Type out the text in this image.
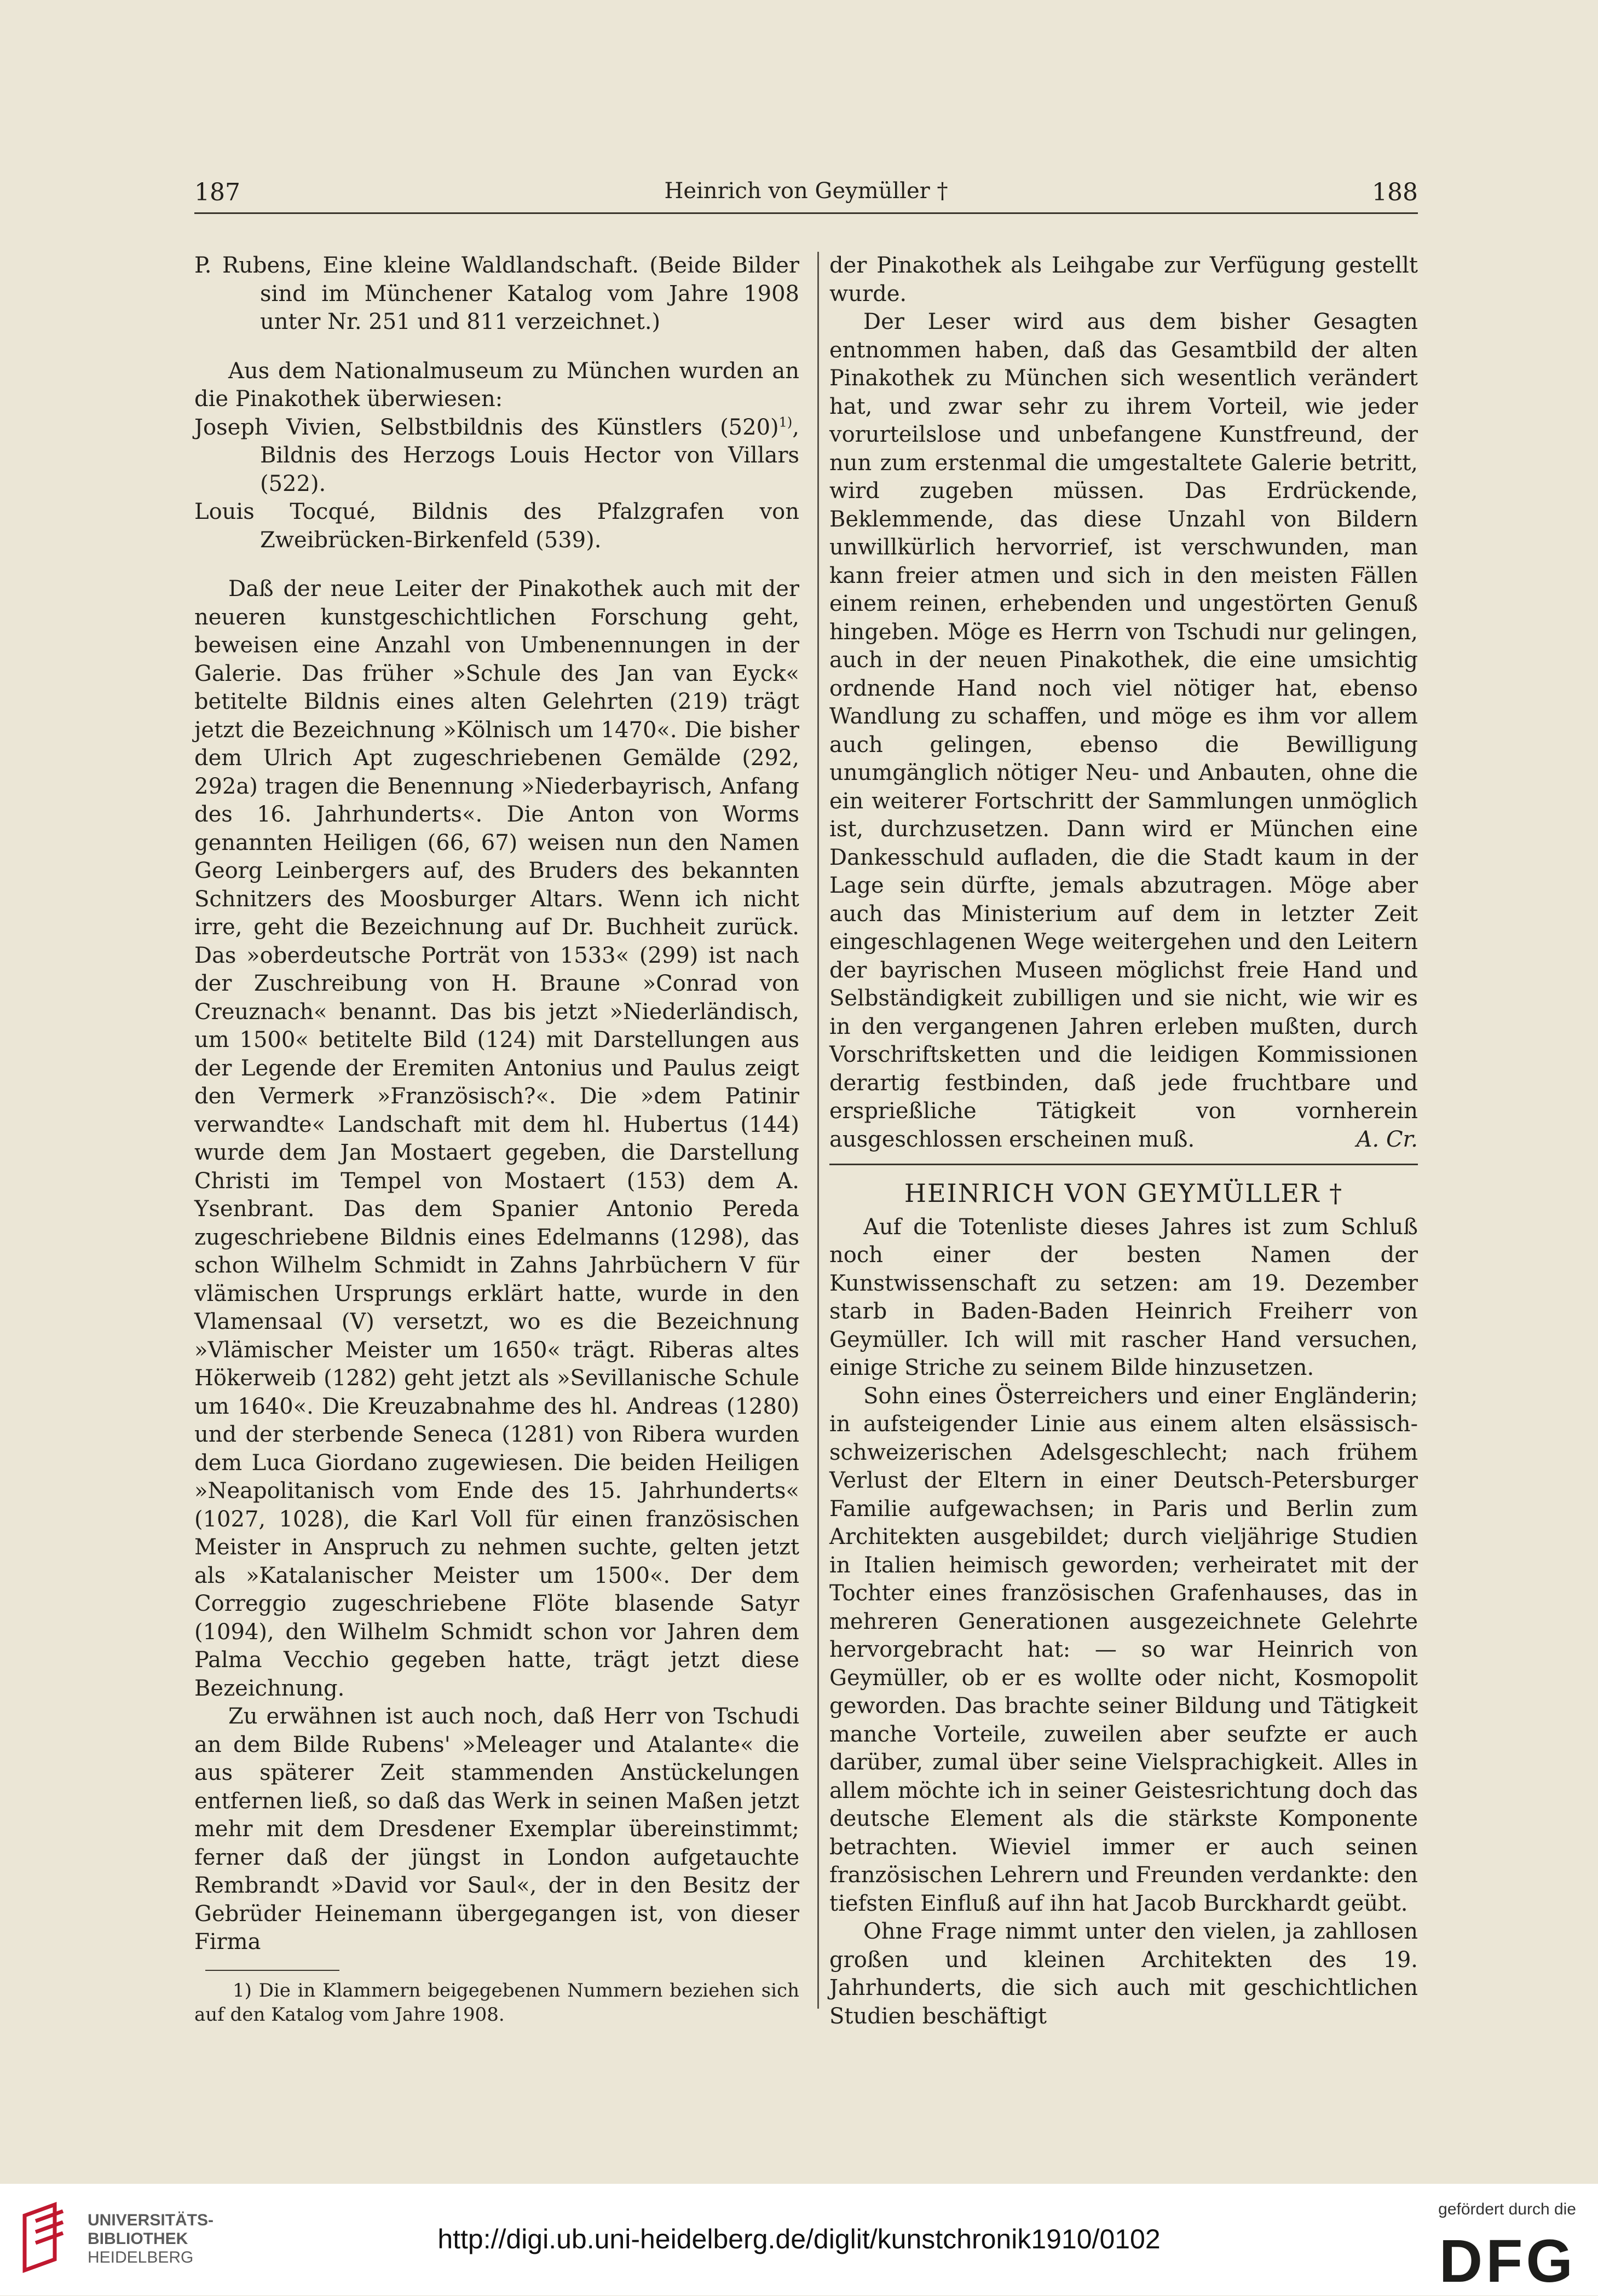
187	Heinrich von Geymüller †	188

P. Rubens, Eine kleine Waldlandschaft. (Beide Bilder sind im Münchener Katalog vom Jahre 1908 unter Nr. 251 und 811 verzeichnet.)

Aus dem Nationalmuseum zu München wurden an die Pinakothek überwiesen:

Joseph Vivien, Selbstbildnis des Künstlers $(520)^{1)}$, Bildnis des Herzogs Louis Hector von Villars (522).

Louis Tocqué, Bildnis des Pfalzgrafen von Zweibrücken-Birkenfeld (539).

Daß der neue Leiter der Pinakothek auch mit der neueren kunstgeschichtlichen Forschung geht, beweisen eine Anzahl von Umbenennungen in der Galerie. Das früher »Schule des Jan van Eyck« betitelte Bildnis eines alten Gelehrten (219) trägt jetzt die Bezeichnung »Kölnisch um 1470«. Die bisher dem Ulrich Apt zugeschriebenen Gemälde (292, 292a) tragen die Benennung »Niederbayrisch, Anfang des 16. Jahrhunderts«. Die Anton von Worms genannten Heiligen (66, 67) weisen nun den Namen Georg Leinbergers auf, des Bruders des bekannten Schnitzers des Moosburger Altars. Wenn ich nicht irre, geht die Bezeichnung auf Dr. Buchheit zurück. Das »oberdeutsche Porträt von 1533« (299) ist nach der Zuschreibung von H. Braune »Conrad von Creuznach« benannt. Das bis jetzt »Niederländisch, um 1500« betitelte Bild (124) mit Darstellungen aus der Legende der Eremiten Antonius und Paulus zeigt den Vermerk »Französisch?«. Die »dem Patinir verwandte« Landschaft mit dem hl. Hubertus (144) wurde dem Jan Mostaert gegeben, die Darstellung Christi im Tempel von Mostaert (153) dem A. Ysenbrant. Das dem Spanier Antonio Pereda zugeschriebene Bildnis eines Edelmanns (1298), das schon Wilhelm Schmidt in Zahns Jahrbüchern V für vlämischen Ursprungs erklärt hatte, wurde in den Vlamensaal (V) versetzt, wo es die Bezeichnung »Vlämischer Meister um 1650« trägt. Riberas altes Hökerweib (1282) geht jetzt als »Sevillanische Schule um 1640«. Die Kreuzabnahme des hl. Andreas (1280) und der sterbende Seneca (1281) von Ribera wurden dem Luca Giordano zugewiesen. Die beiden Heiligen »Neapolitanisch vom Ende des 15. Jahrhunderts« (1027, 1028), die Karl Voll für einen französischen Meister in Anspruch zu nehmen suchte, gelten jetzt als »Katalanischer Meister um 1500«. Der dem Correggio zugeschriebene Flöte blasende Satyr (1094), den Wilhelm Schmidt schon vor Jahren dem Palma Vecchio gegeben hatte, trägt jetzt diese Bezeichnung.

Zu erwähnen ist auch noch, daß Herr von Tschudi an dem Bilde Rubens' »Meleager und Atalante« die aus späterer Zeit stammenden Anstückelungen entfernen ließ, so daß das Werk in seinen Maßen jetzt mehr mit dem Dresdener Exemplar übereinstimmt; ferner daß der jüngst in London aufgetauchte Rembrandt »David vor Saul«, der in den Besitz der Gebrüder Heinemann übergegangen ist, von dieser Firma

1) Die in Klammern beigegebenen Nummern beziehen sich auf den Katalog vom Jahre 1908.

der Pinakothek als Leihgabe zur Verfügung gestellt wurde.

Der Leser wird aus dem bisher Gesagten entnommen haben, daß das Gesamtbild der alten Pinakothek zu München sich wesentlich verändert hat, und zwar sehr zu ihrem Vorteil, wie jeder vorurteilslose und unbefangene Kunstfreund, der nun zum erstenmal die umgestaltete Galerie betritt, wird zugeben müssen. Das Erdrückende, Beklemmende, das diese Unzahl von Bildern unwillkürlich hervorrief, ist verschwunden, man kann freier atmen und sich in den meisten Fällen einem reinen, erhebenden und ungestörten Genuß hingeben. Möge es Herrn von Tschudi nur gelingen, auch in der neuen Pinakothek, die eine umsichtig ordnende Hand noch viel nötiger hat, ebenso Wandlung zu schaffen, und möge es ihm vor allem auch gelingen, ebenso die Bewilligung unumgänglich nötiger Neu- und Anbauten, ohne die ein weiterer Fortschritt der Sammlungen unmöglich ist, durchzusetzen. Dann wird er München eine Dankesschuld aufladen, die die Stadt kaum in der Lage sein dürfte, jemals abzutragen. Möge aber auch das Ministerium auf dem in letzter Zeit eingeschlagenen Wege weitergehen und den Leitern der bayrischen Museen möglichst freie Hand und Selbständigkeit zubilligen und sie nicht, wie wir es in den vergangenen Jahren erleben mußten, durch Vorschriftsketten und die leidigen Kommissionen derartig festbinden, daß jede fruchtbare und ersprießliche Tätigkeit von vornherein ausgeschlossen erscheinen muß.	A. Cr.
HEINRICH VON GEYMÜLLER †

Auf die Totenliste dieses Jahres ist zum Schluß noch einer der besten Namen der Kunstwissenschaft zu setzen: am 19. Dezember starb in Baden-Baden Heinrich Freiherr von Geymüller. Ich will mit rascher Hand versuchen, einige Striche zu seinem Bilde hinzusetzen.

Sohn eines Österreichers und einer Engländerin; in aufsteigender Linie aus einem alten elsässisch-schweizerischen Adelsgeschlecht; nach frühem Verlust der Eltern in einer Deutsch-Petersburger Familie aufgewachsen; in Paris und Berlin zum Architekten ausgebildet; durch vieljährige Studien in Italien heimisch geworden; verheiratet mit der Tochter eines französischen Grafenhauses, das in mehreren Generationen ausgezeichnete Gelehrte hervorgebracht hat: — so war Heinrich von Geymüller, ob er es wollte oder nicht, Kosmopolit geworden. Das brachte seiner Bildung und Tätigkeit manche Vorteile, zuweilen aber seufzte er auch darüber, zumal über seine Vielsprachigkeit. Alles in allem möchte ich in seiner Geistesrichtung doch das deutsche Element als die stärkste Komponente betrachten. Wieviel immer er auch seinen französischen Lehrern und Freunden verdankte: den tiefsten Einfluß auf ihn hat Jacob Burckhardt geübt.

Ohne Frage nimmt unter den vielen, ja zahllosen großen und kleinen Architekten des 19. Jahrhunderts, die sich auch mit geschichtlichen Studien beschäftigt

UNIVERSITÄTS-
BIBLIOTHEK
HEIDELBERG
http://digi.ub.uni-heidelberg.de/diglit/kunstchronik1910/0102
gefördert durch die
DFG
